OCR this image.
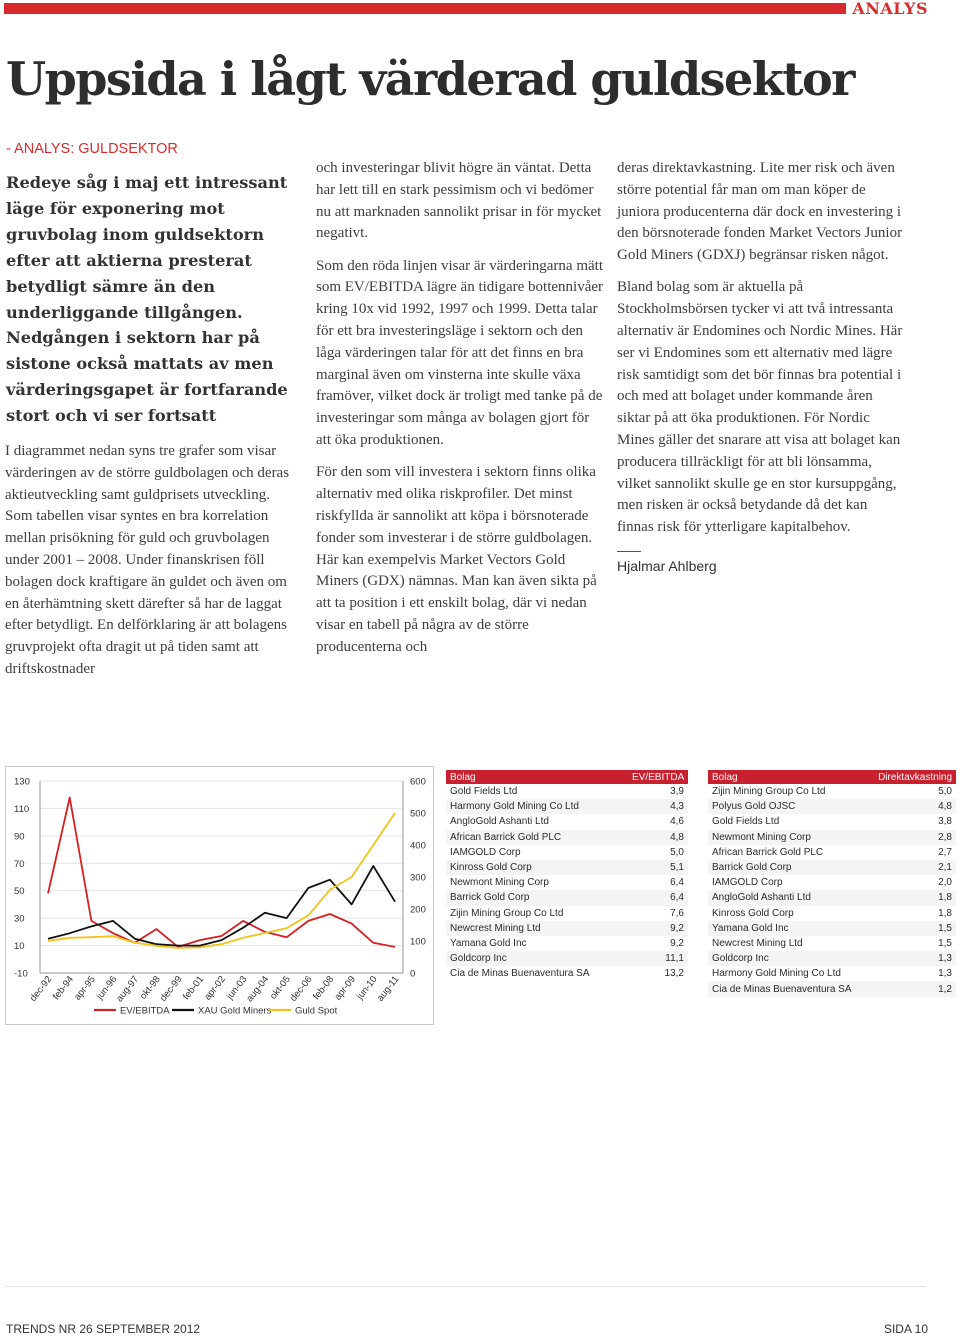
ANALYS
Uppsida i lågt värderad guldsektor
- ANALYS: GULDSEKTOR

Redeye såg i maj ett intressant läge för exponering mot gruvbolag inom guldsektorn efter att aktierna presterat betydligt sämre än den underliggande tillgången. Nedgången i sektorn har på sistone också mattats av men värderingsgapet är fortfarande stort och vi ser fortsatt

I diagrammet nedan syns tre grafer som visar värderingen av de större guldbolagen och deras aktieutveckling samt guldprisets utveckling. Som tabellen visar syntes en bra korrelation mellan prisökning för guld och gruvbolagen under 2001 – 2008. Under finanskrisen föll bolagen dock kraftigare än guldet och även om en återhämtning skett därefter så har de laggat efter betydligt. En delförklaring är att bolagens gruvprojekt ofta dragit ut på tiden samt att driftskostnader

och investeringar blivit högre än väntat. Detta har lett till en stark pessimism och vi bedömer nu att marknaden sannolikt prisar in för mycket negativt.

Som den röda linjen visar är värderingarna mätt som EV/EBITDA lägre än tidigare bottennivåer kring 10x vid 1992, 1997 och 1999. Detta talar för ett bra investeringsläge i sektorn och den låga värderingen talar för att det finns en bra marginal även om vinsterna inte skulle växa framöver, vilket dock är troligt med tanke på de investeringar som många av bolagen gjort för att öka produktionen.

För den som vill investera i sektorn finns olika alternativ med olika riskprofiler. Det minst riskfyllda är sannolikt att köpa i börsnoterade fonder som investerar i de större guldbolagen. Här kan exempelvis Market Vectors Gold Miners (GDX) nämnas. Man kan även sikta på att ta position i ett enskilt bolag, där vi nedan visar en tabell på några av de större producenterna och

deras direktavkastning. Lite mer risk och även större potential får man om man köper de juniora producenterna där dock en investering i den börsnoterade fonden Market Vectors Junior Gold Miners (GDXJ) begränsar risken något.

Bland bolag som är aktuella på Stockholmsbörsen tycker vi att två intressanta alternativ är Endomines och Nordic Mines. Här ser vi Endomines som ett alternativ med lägre risk samtidigt som det bör finnas bra potential i och med att bolaget under kommande åren siktar på att öka produktionen. För Nordic Mines gäller det snarare att visa att bolaget kan producera tillräckligt för att bli lönsamma, vilket sannolikt skulle ge en stor kursuppgång, men risken är också betydande då det kan finnas risk för ytterligare kapitalbehov.

Hjalmar Ahlberg
130
110
90
70
50
30
10
-10
600
500
400
300
200
100
0
dec-92
feb-94
apr-95
jun-96
aug-97
okt-98
dec-99
feb-01
apr-02
jun-03
aug-04
okt-05
dec-06
feb-08
apr-09
jun-10
aug-11
EV/EBITDA	XAU Gold Miners Guld Spot
Bolag	EV/EBITDA
Gold Fields Ltd	3,9
Harmony Gold Mining Co Ltd	4,3
AngloGold Ashanti Ltd	4,6
African Barrick Gold PLC	4,8
IAMGOLD Corp	5,0
Kinross Gold Corp	5,1
Newmont Mining Corp	6,4
Barrick Gold Corp	6,4
Zijin Mining Group Co Ltd	7,6
Newcrest Mining Ltd	9,2
Yamana Gold Inc	9,2
Goldcorp Inc	11,1
Cia de Minas Buenaventura SA	13,2
Bolag	Direktavkastning
Zijin Mining Group Co Ltd	5,0
Polyus Gold OJSC	4,8
Gold Fields Ltd	3,8
Newmont Mining Corp	2,8
African Barrick Gold PLC	2,7
Barrick Gold Corp	2,1
IAMGOLD Corp	2,0
AngloGold Ashanti Ltd	1,8
Kinross Gold Corp	1,8
Yamana Gold Inc	1,5
Newcrest Mining Ltd	1,5
Goldcorp Inc	1,3
Harmony Gold Mining Co Ltd	1,3
Cia de Minas Buenaventura SA	1,2
TRENDS NR 26 SEPTEMBER 2012	SIDA 10
